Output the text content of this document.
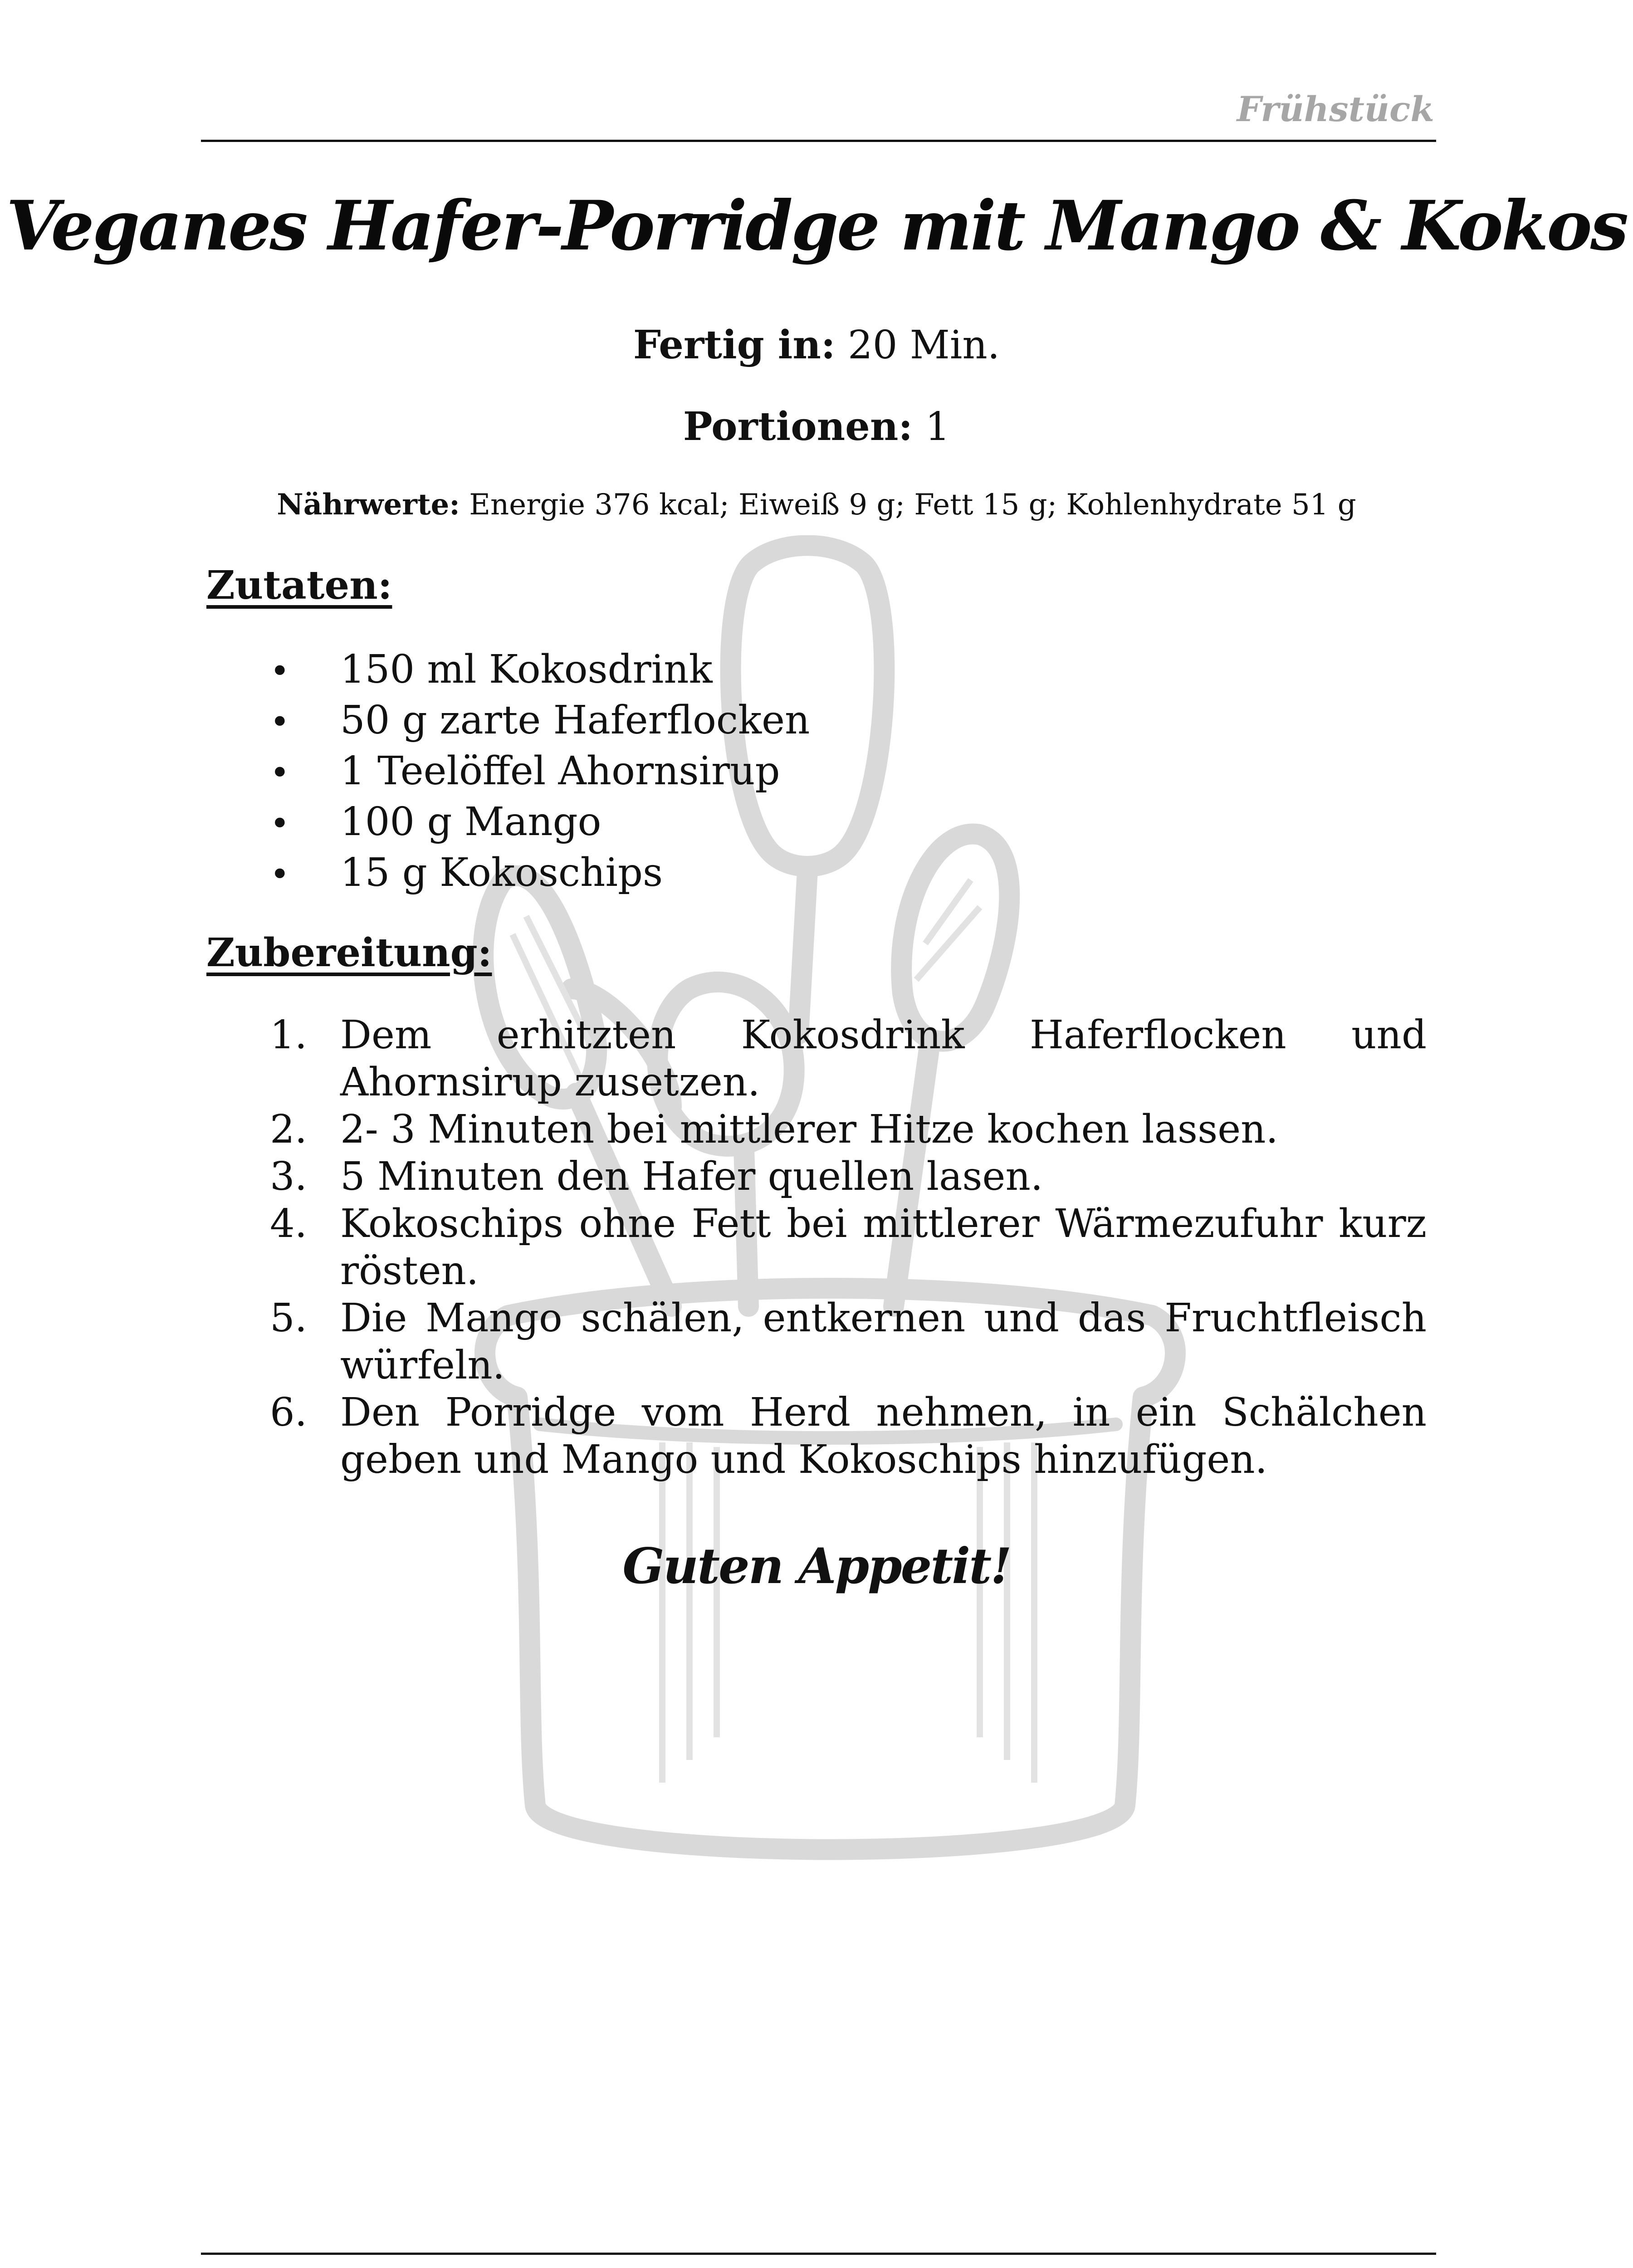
Frühstück
Veganes Hafer-Porridge mit Mango & Kokos
Fertig in: 20 Min.
Portionen: 1
Nährwerte: Energie 376 kcal; Eiweiß 9 g; Fett 15 g; Kohlenhydrate 51 g
Zutaten:
• 150 ml Kokosdrink
• 50 g zarte Haferflocken
• 1 Teelöffel Ahornsirup
• 100 g Mango
• 15 g Kokoschips
Zubereitung:
1. Dem erhitzten Kokosdrink Haferflocken und Ahornsirup zusetzen.
2. 2- 3 Minuten bei mittlerer Hitze kochen lassen.
3. 5 Minuten den Hafer quellen lasen.
4. Kokoschips ohne Fett bei mittlerer Wärmezufuhr kurz rösten.
5. Die Mango schälen, entkernen und das Fruchtfleisch würfeln.
6. Den Porridge vom Herd nehmen, in ein Schälchen geben und Mango und Kokoschips hinzufügen.
Guten Appetit!
